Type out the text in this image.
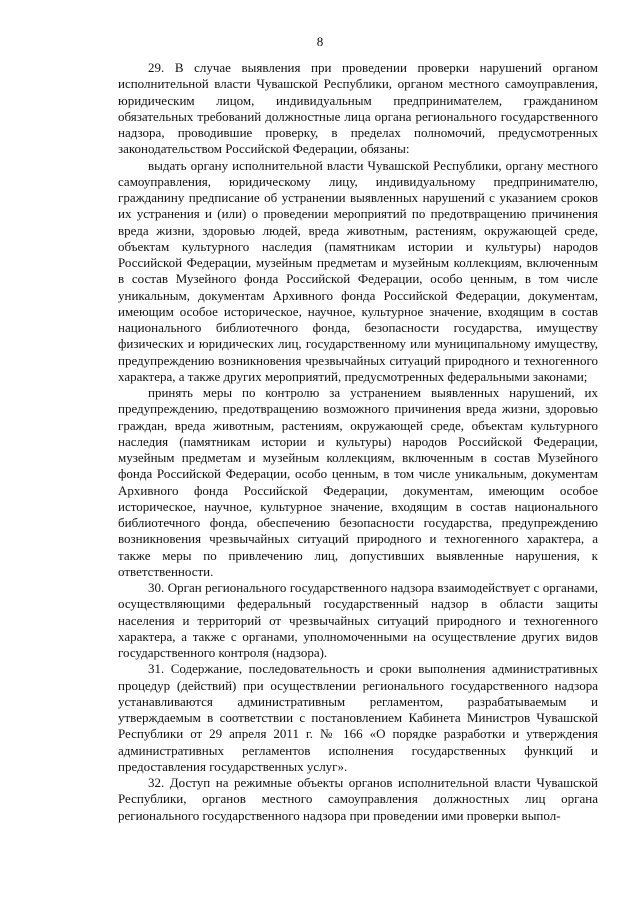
8

29. В случае выявления при проведении проверки нарушений органом исполнительной власти Чувашской Республики, органом местного самоуправления, юридическим лицом, индивидуальным предпринимателем, гражданином обязательных требований должностные лица органа регионального государственного надзора, проводившие проверку, в пределах полномочий, предусмотренных законодательством Российской Федерации, обязаны:

выдать органу исполнительной власти Чувашской Республики, органу местного самоуправления, юридическому лицу, индивидуальному предпринимателю, гражданину предписание об устранении выявленных нарушений с указанием сроков их устранения и (или) о проведении мероприятий по предотвращению причинения вреда жизни, здоровью людей, вреда животным, растениям, окружающей среде, объектам культурного наследия (памятникам истории и культуры) народов Российской Федерации, музейным предметам и музейным коллекциям, включенным в состав Музейного фонда Российской Федерации, особо ценным, в том числе уникальным, документам Архивного фонда Российской Федерации, документам, имеющим особое историческое, научное, культурное значение, входящим в состав национального библиотечного фонда, безопасности государства, имуществу физических и юридических лиц, государственному или муниципальному имуществу, предупреждению возникновения чрезвычайных ситуаций природного и техногенного характера, а также других мероприятий, предусмотренных федеральными законами;

принять меры по контролю за устранением выявленных нарушений, их предупреждению, предотвращению возможного причинения вреда жизни, здоровью граждан, вреда животным, растениям, окружающей среде, объектам культурного наследия (памятникам истории и культуры) народов Российской Федерации, музейным предметам и музейным коллекциям, включенным в состав Музейного фонда Российской Федерации, особо ценным, в том числе уникальным, документам Архивного фонда Российской Федерации, документам, имеющим особое историческое, научное, культурное значение, входящим в состав национального библиотечного фонда, обеспечению безопасности государства, предупреждению возникновения чрезвычайных ситуаций природного и техногенного характера, а также меры по привлечению лиц, допустивших выявленные нарушения, к ответственности.

30. Орган регионального государственного надзора взаимодействует с органами, осуществляющими федеральный государственный надзор в области защиты населения и территорий от чрезвычайных ситуаций природного и техногенного характера, а также с органами, уполномоченными на осуществление других видов государственного контроля (надзора).

31. Содержание, последовательность и сроки выполнения административных процедур (действий) при осуществлении регионального государственного надзора устанавливаются административным регламентом, разрабатываемым и утверждаемым в соответствии с постановлением Кабинета Министров Чувашской Республики от 29 апреля 2011 г. № 166 «О порядке разработки и утверждения административных регламентов исполнения государственных функций и предоставления государственных услуг».

32. Доступ на режимные объекты органов исполнительной власти Чувашской Республики, органов местного самоуправления должностных лиц органа регионального государственного надзора при проведении ими проверки выпол-
